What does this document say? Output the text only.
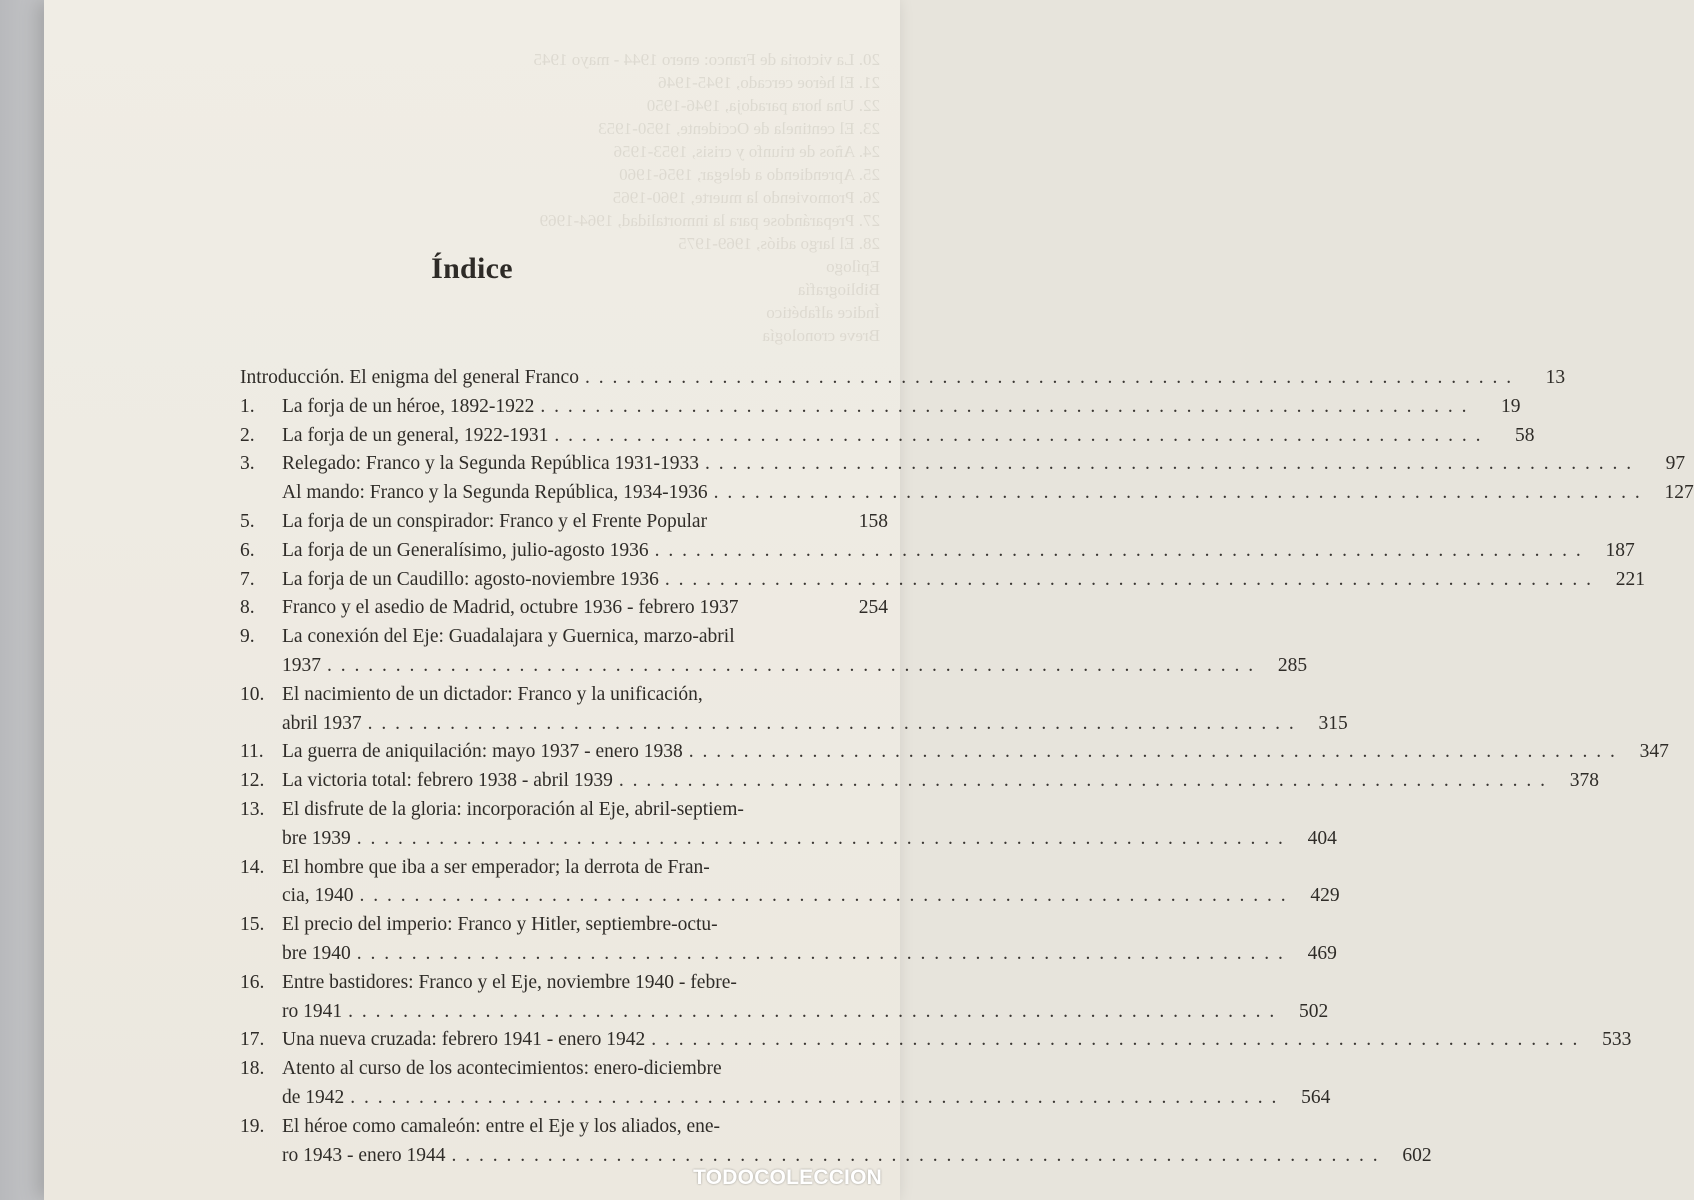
20. La victoria de Franco: enero 1944 - mayo 1945
21. El héroe cercado, 1945-1946
22. Una hora paradoja, 1946-1950
23. El centinela de Occidente, 1950-1953
24. Años de triunfo y crisis, 1953-1956
25. Aprendiendo a delegar, 1956-1960
26. Promoviendo la muerte, 1960-1965
27. Preparándose para la inmortalidad, 1964-1969
28. El largo adiós, 1969-1975
Epílogo
Bibliografía
Índice alfabético
Breve cronología
Índice
Introducción. El enigma del general Franco . . . . . . . . . . . . . . . . . . . . . . . . . . . . . . . . . . . . . . . . . . . . . . . . . . . . . . . . . . . . . . . . . . . .	13
1.	La forja de un héroe, 1892-1922 . . . . . . . . . . . . . . . . . . . . . . . . . . . . . . . . . . . . . . . . . . . . . . . . . . . . . . . . . . . . . . . . . . . .	19
2.	La forja de un general, 1922-1931 . . . . . . . . . . . . . . . . . . . . . . . . . . . . . . . . . . . . . . . . . . . . . . . . . . . . . . . . . . . . . . . . . . . .	58
3.	Relegado: Franco y la Segunda República 1931-1933 . . . . . . . . . . . . . . . . . . . . . . . . . . . . . . . . . . . . . . . . . . . . . . . . . . . . . . . . . . . . . . . . . . . .	97
Al mando: Franco y la Segunda República, 1934-1936 . . . . . . . . . . . . . . . . . . . . . . . . . . . . . . . . . . . . . . . . . . . . . . . . . . . . . . . . . . . . . . . . . . . .	127
5.	La forja de un conspirador: Franco y el Frente Popular	158
6.	La forja de un Generalísimo, julio-agosto 1936 . . . . . . . . . . . . . . . . . . . . . . . . . . . . . . . . . . . . . . . . . . . . . . . . . . . . . . . . . . . . . . . . . . . .	187
7.	La forja de un Caudillo: agosto-noviembre 1936 . . . . . . . . . . . . . . . . . . . . . . . . . . . . . . . . . . . . . . . . . . . . . . . . . . . . . . . . . . . . . . . . . . . .	221
8.	Franco y el asedio de Madrid, octubre 1936 - febrero 1937	254
9.	La conexión del Eje: Guadalajara y Guernica, marzo-abril
1937 . . . . . . . . . . . . . . . . . . . . . . . . . . . . . . . . . . . . . . . . . . . . . . . . . . . . . . . . . . . . . . . . . . . .	285
10. El nacimiento de un dictador: Franco y la unificación,
abril 1937 . . . . . . . . . . . . . . . . . . . . . . . . . . . . . . . . . . . . . . . . . . . . . . . . . . . . . . . . . . . . . . . . . . . .	315
11. La guerra de aniquilación: mayo 1937 - enero 1938 . . . . . . . . . . . . . . . . . . . . . . . . . . . . . . . . . . . . . . . . . . . . . . . . . . . . . . . . . . . . . . . . . . . .	347
12. La victoria total: febrero 1938 - abril 1939 . . . . . . . . . . . . . . . . . . . . . . . . . . . . . . . . . . . . . . . . . . . . . . . . . . . . . . . . . . . . . . . . . . . .	378
13. El disfrute de la gloria: incorporación al Eje, abril-septiem-
bre 1939 . . . . . . . . . . . . . . . . . . . . . . . . . . . . . . . . . . . . . . . . . . . . . . . . . . . . . . . . . . . . . . . . . . . .	404
14. El hombre que iba a ser emperador; la derrota de Fran-
cia, 1940 . . . . . . . . . . . . . . . . . . . . . . . . . . . . . . . . . . . . . . . . . . . . . . . . . . . . . . . . . . . . . . . . . . . .	429
15. El precio del imperio: Franco y Hitler, septiembre-octu-
bre 1940 . . . . . . . . . . . . . . . . . . . . . . . . . . . . . . . . . . . . . . . . . . . . . . . . . . . . . . . . . . . . . . . . . . . .	469
16. Entre bastidores: Franco y el Eje, noviembre 1940 - febre-
ro 1941 . . . . . . . . . . . . . . . . . . . . . . . . . . . . . . . . . . . . . . . . . . . . . . . . . . . . . . . . . . . . . . . . . . . .	502
17. Una nueva cruzada: febrero 1941 - enero 1942 . . . . . . . . . . . . . . . . . . . . . . . . . . . . . . . . . . . . . . . . . . . . . . . . . . . . . . . . . . . . . . . . . . . .	533
18. Atento al curso de los acontecimientos: enero-diciembre
de 1942 . . . . . . . . . . . . . . . . . . . . . . . . . . . . . . . . . . . . . . . . . . . . . . . . . . . . . . . . . . . . . . . . . . . .	564
19. El héroe como camaleón: entre el Eje y los aliados, ene-
ro 1943 - enero 1944 . . . . . . . . . . . . . . . . . . . . . . . . . . . . . . . . . . . . . . . . . . . . . . . . . . . . . . . . . . . . . . . . . . . .	602
TODOCOLECCION
